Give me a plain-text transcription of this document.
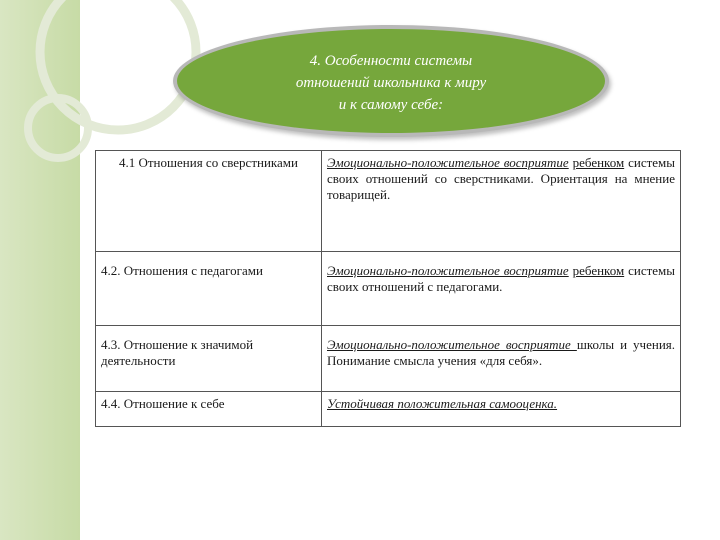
4. Особенности системы
отношений школьника к миру
и к самому себе:
4.1 Отношения со сверстниками	Эмоционально-положительное восприятие ребенком системы своих отношений со сверстниками. Ориентация на мнение товарищей.
4.2. Отношения с педагогами	Эмоционально-положительное восприятие ребенком системы своих отношений с педагогами.
4.3. Отношение к значимой деятельности	Эмоционально-положительное восприятие школы и учения. Понимание смысла учения «для себя».
4.4. Отношение к себе	Устойчивая положительная самооценка.
